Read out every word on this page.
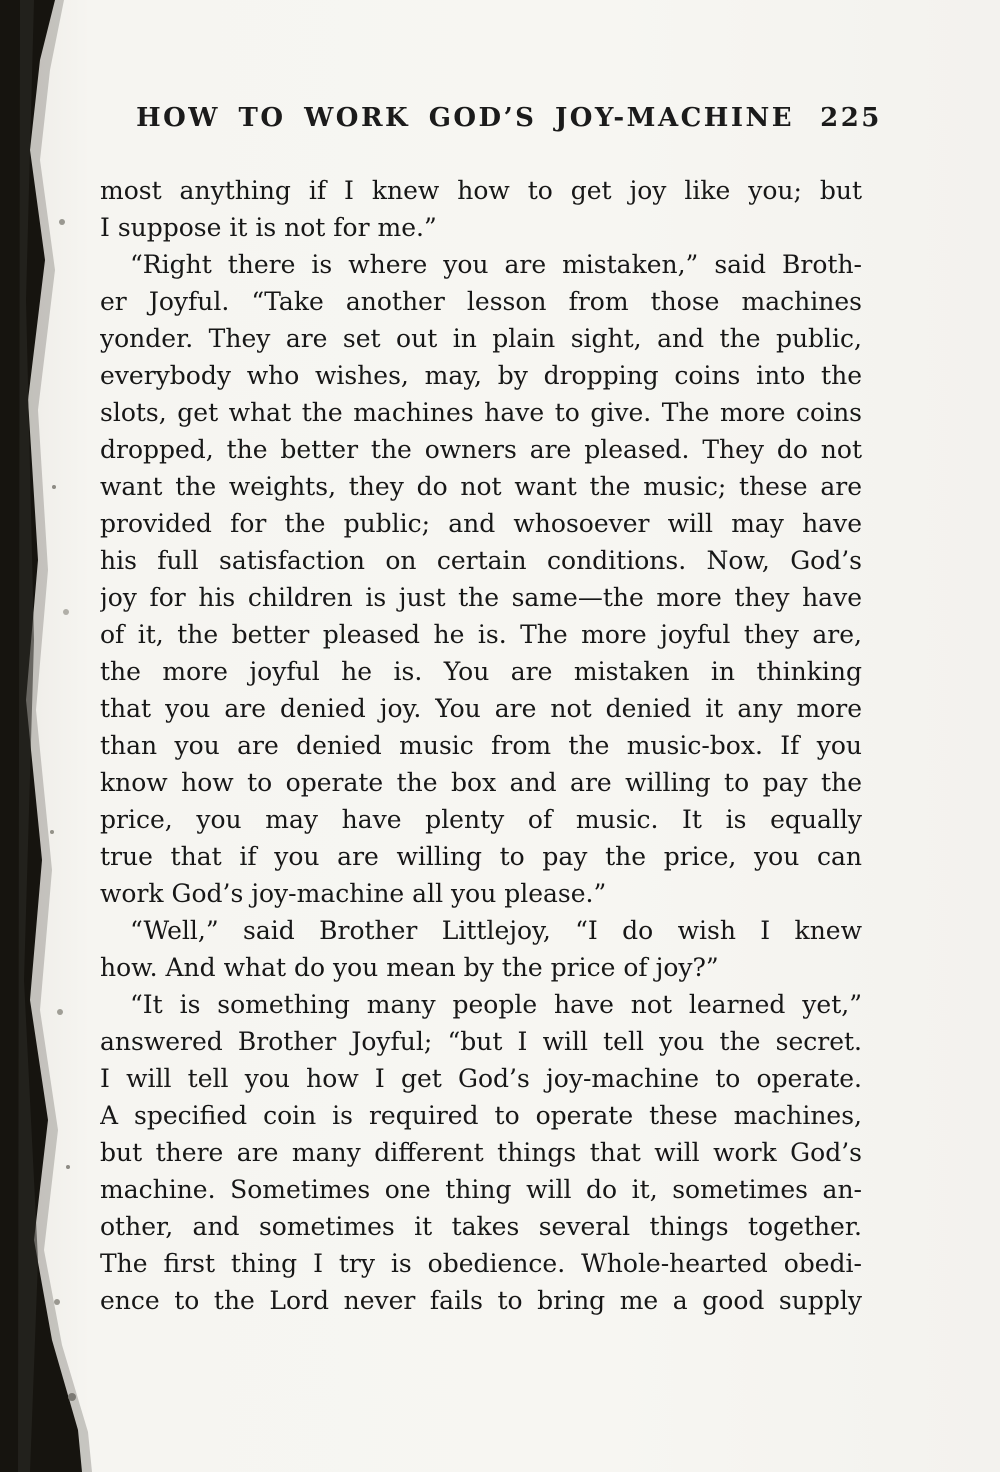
HOW TO WORK GOD’S JOY-MACHINE 225
most anything if I knew how to get joy like you; but
I suppose it is not for me.”
“Right there is where you are mistaken,” said Broth-
er Joyful. “Take another lesson from those machines
yonder. They are set out in plain sight, and the public,
everybody who wishes, may, by dropping coins into the
slots, get what the machines have to give. The more coins
dropped, the better the owners are pleased. They do not
want the weights, they do not want the music; these are
provided for the public; and whosoever will may have
his full satisfaction on certain conditions. Now, God’s
joy for his children is just the same—the more they have
of it, the better pleased he is. The more joyful they are,
the more joyful he is. You are mistaken in thinking
that you are denied joy. You are not denied it any more
than you are denied music from the music-box. If you
know how to operate the box and are willing to pay the
price, you may have plenty of music. It is equally
true that if you are willing to pay the price, you can
work God’s joy-machine all you please.”
“Well,” said Brother Littlejoy, “I do wish I knew
how. And what do you mean by the price of joy?”
“It is something many people have not learned yet,”
answered Brother Joyful; “but I will tell you the secret.
I will tell you how I get God’s joy-machine to operate.
A specified coin is required to operate these machines,
but there are many different things that will work God’s
machine. Sometimes one thing will do it, sometimes an-
other, and sometimes it takes several things together.
The first thing I try is obedience. Whole-hearted obedi-
ence to the Lord never fails to bring me a good supply
